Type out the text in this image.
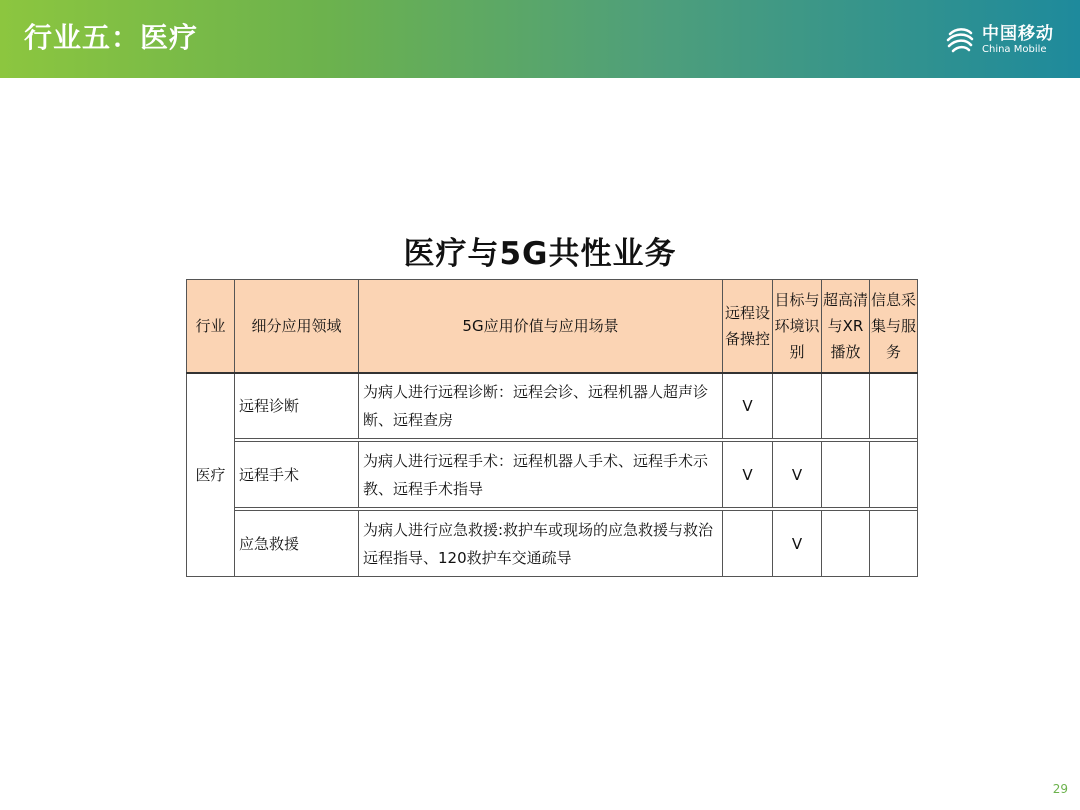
行业五：医疗	中国移动
China Mobile
医疗与5G共性业务
行业	细分应用领域	5G应用价值与应用场景	远程设备操控	目标与环境识别	超高清与XR播放	信息采集与服务
医疗	远程诊断	为病人进行远程诊断：远程会诊、远程机器人超声诊断、远程查房	V			

	远程手术	为病人进行远程手术：远程机器人手术、远程手术示教、远程手术指导	V	V		

	应急救援	为病人进行应急救援:救护车或现场的应急救援与救治远程指导、120救护车交通疏导		V		
29
